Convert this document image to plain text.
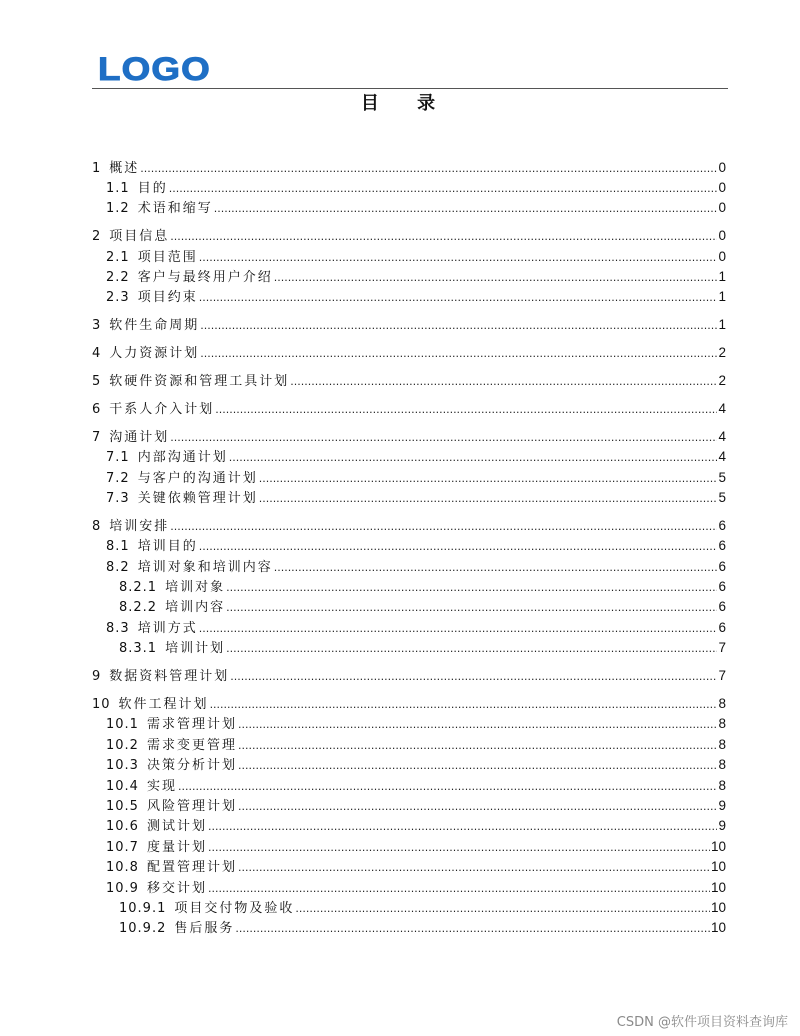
LOGO
目 录
1 概述 .....	0
1.1 目的 .....	0
1.2 术语和缩写 .....	0
2 项目信息 .....	0
2.1 项目范围 .....	0
2.2 客户与最终用户介绍 .....	1
2.3 项目约束 .....	1
3 软件生命周期 .....	1
4 人力资源计划 .....	2
5 软硬件资源和管理工具计划 .....	2
6 干系人介入计划 .....	4
7 沟通计划 .....	4
7.1 内部沟通计划 .....	4
7.2 与客户的沟通计划 .....	5
7.3 关键依赖管理计划 .....	5
8 培训安排 .....	6
8.1 培训目的 .....	6
8.2 培训对象和培训内容 .....	6
8.2.1 培训对象 .....	6
8.2.2 培训内容 .....	6
8.3 培训方式 .....	6
8.3.1 培训计划 .....	7
9 数据资料管理计划 .....	7
10 软件工程计划 .....	8
10.1 需求管理计划 .....	8
10.2 需求变更管理 .....	8
10.3 决策分析计划 .....	8
10.4 实现 .....	8
10.5 风险管理计划 .....	9
10.6 测试计划 .....	9
10.7 度量计划 .....	10
10.8 配置管理计划 .....	10
10.9 移交计划 .....	10
10.9.1 项目交付物及验收 .....	10
10.9.2 售后服务 .....	10
CSDN @软件项目资料查询库
